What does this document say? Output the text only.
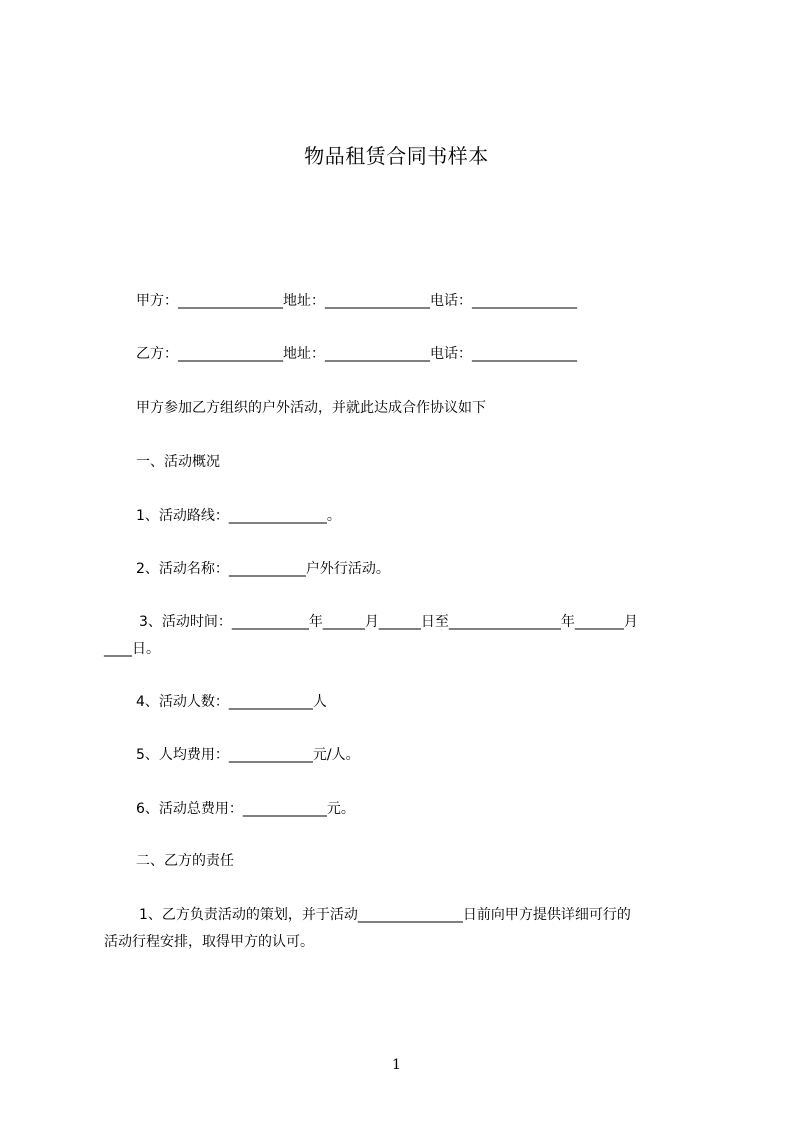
物品租赁合同书样本
甲方：_______________地址：_______________电话：_______________
乙方：_______________地址：_______________电话：_______________
甲方参加乙方组织的户外活动，并就此达成合作协议如下
一、活动概况
1、活动路线：______________。
2、活动名称：___________户外行活动。
3、活动时间：___________年______月______日至________________年_______月
____日。
4、活动人数：____________人
5、人均费用：____________元/人。
6、活动总费用：____________元。
二、乙方的责任
1、乙方负责活动的策划，并于活动_______________日前向甲方提供详细可行的
活动行程安排，取得甲方的认可。
1
